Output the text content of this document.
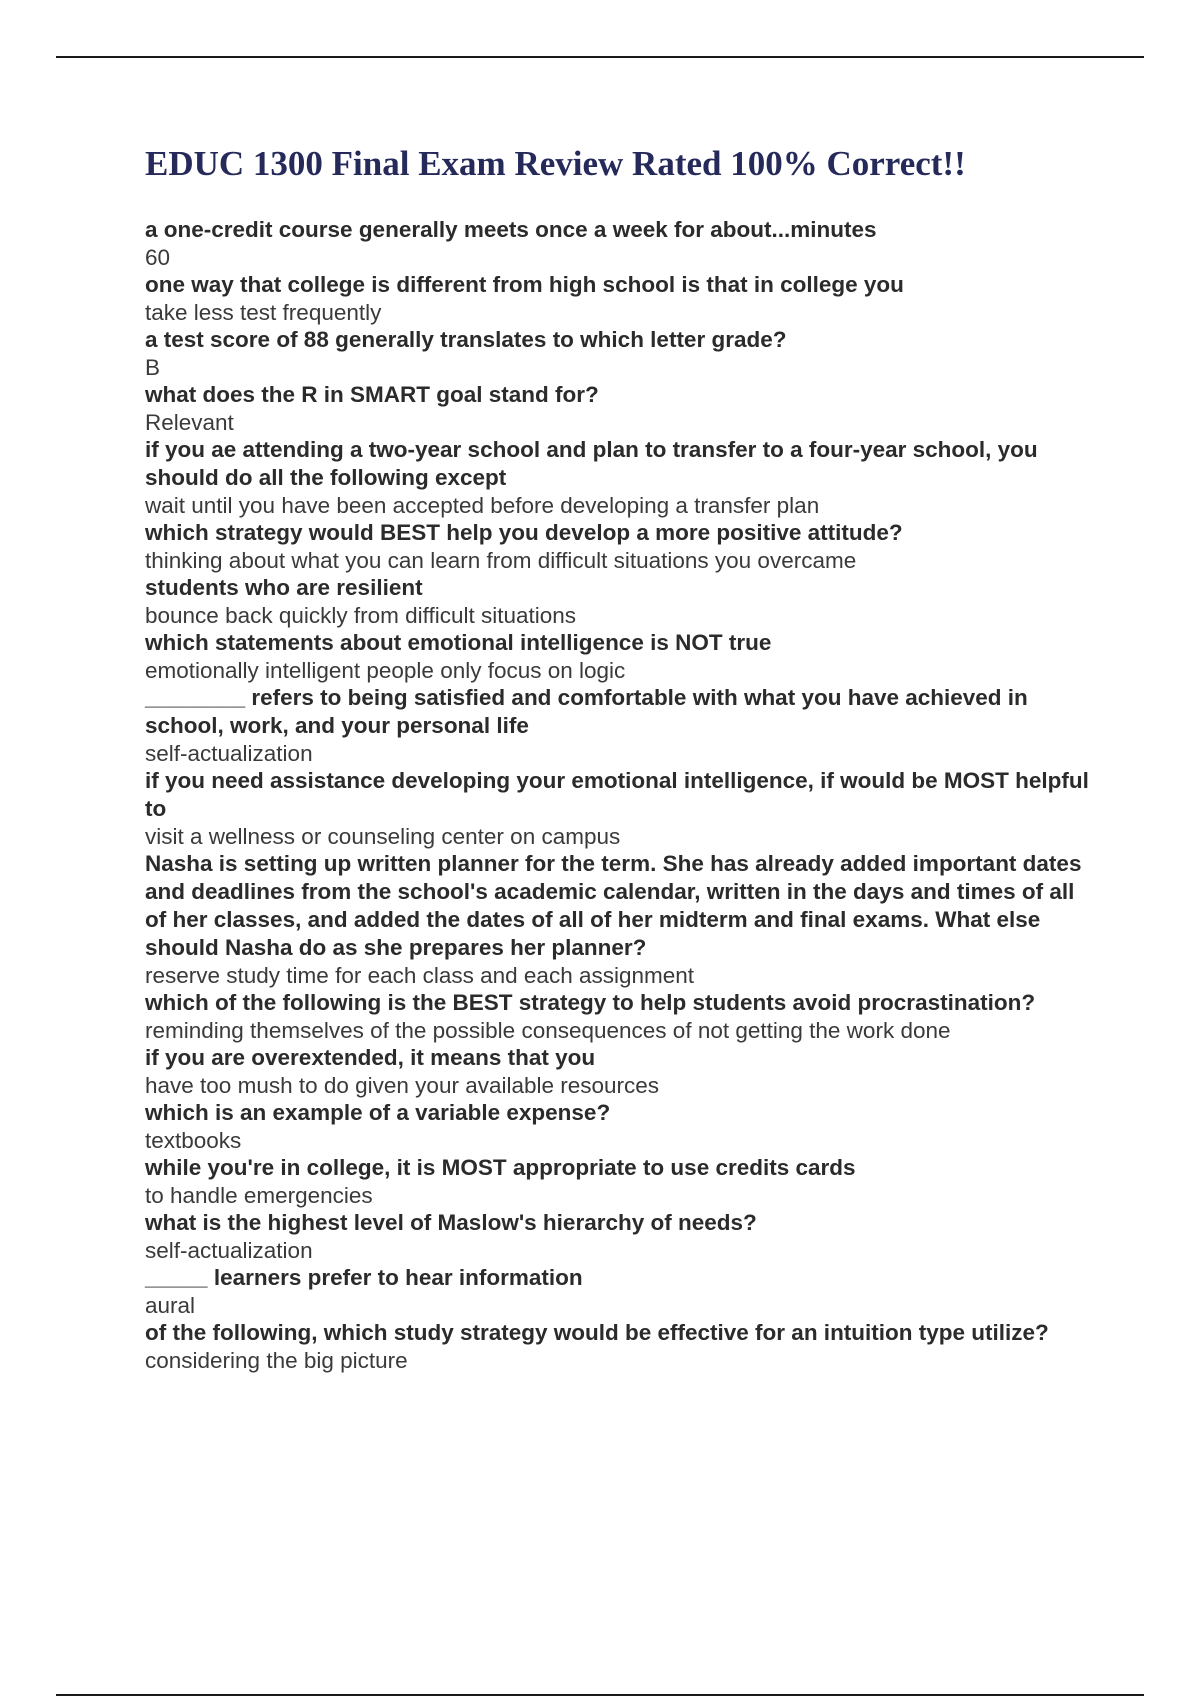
EDUC 1300 Final Exam Review Rated 100% Correct!!
a one-credit course generally meets once a week for about...minutes
60
one way that college is different from high school is that in college you
take less test frequently
a test score of 88 generally translates to which letter grade?
B
what does the R in SMART goal stand for?
Relevant
if you ae attending a two-year school and plan to transfer to a four-year school, you should do all the following except
wait until you have been accepted before developing a transfer plan
which strategy would BEST help you develop a more positive attitude?
thinking about what you can learn from difficult situations you overcame
students who are resilient
bounce back quickly from difficult situations
which statements about emotional intelligence is NOT true
emotionally intelligent people only focus on logic
________ refers to being satisfied and comfortable with what you have achieved in school, work, and your personal life
self-actualization
if you need assistance developing your emotional intelligence, if would be MOST helpful to
visit a wellness or counseling center on campus
Nasha is setting up written planner for the term. She has already added important dates and deadlines from the school's academic calendar, written in the days and times of all of her classes, and added the dates of all of her midterm and final exams. What else should Nasha do as she prepares her planner?
reserve study time for each class and each assignment
which of the following is the BEST strategy to help students avoid procrastination?
reminding themselves of the possible consequences of not getting the work done
if you are overextended, it means that you
have too mush to do given your available resources
which is an example of a variable expense?
textbooks
while you're in college, it is MOST appropriate to use credits cards
to handle emergencies
what is the highest level of Maslow's hierarchy of needs?
self-actualization
_____ learners prefer to hear information
aural
of the following, which study strategy would be effective for an intuition type utilize?
considering the big picture
